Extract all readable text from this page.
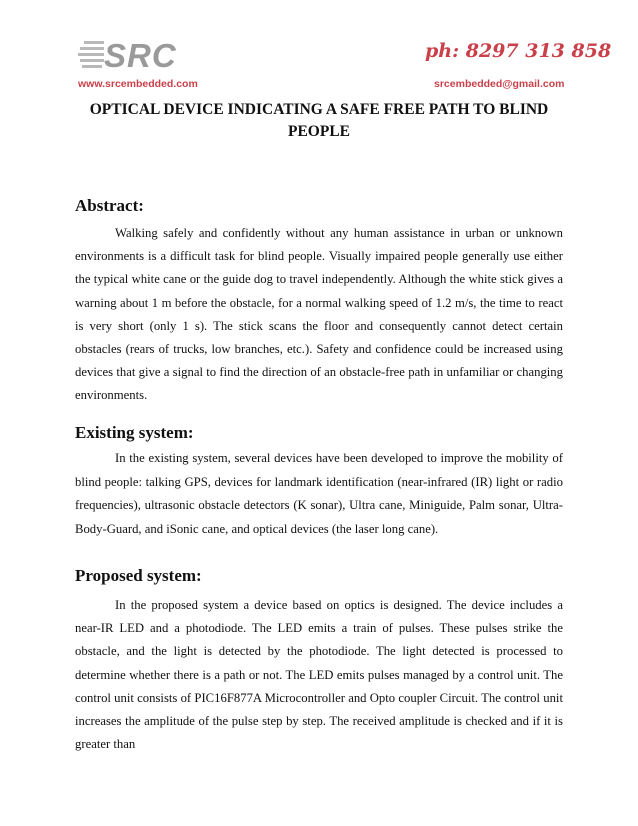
SRC
www.srcembedded.com
ph: 8297 313 858
srcembedded@gmail.com
OPTICAL DEVICE INDICATING A SAFE FREE PATH TO BLIND PEOPLE
Abstract:

Walking safely and confidently without any human assistance in urban or unknown environments is a difficult task for blind people. Visually impaired people generally use either the typical white cane or the guide dog to travel independently. Although the white stick gives a warning about 1 m before the obstacle, for a normal walking speed of 1.2 m/s, the time to react is very short (only 1 s). The stick scans the floor and consequently cannot detect certain obstacles (rears of trucks, low branches, etc.). Safety and confidence could be increased using devices that give a signal to find the direction of an obstacle-free path in unfamiliar or changing environments.

Existing system:

In the existing system, several devices have been developed to improve the mobility of blind people: talking GPS, devices for landmark identification (near-infrared (IR) light or radio frequencies), ultrasonic obstacle detectors (K sonar), Ultra cane, Miniguide, Palm sonar, Ultra-Body-Guard, and iSonic cane, and optical devices (the laser long cane).

Proposed system:

In the proposed system a device based on optics is designed. The device includes a near-IR LED and a photodiode. The LED emits a train of pulses. These pulses strike the obstacle, and the light is detected by the photodiode. The light detected is processed to determine whether there is a path or not. The LED emits pulses managed by a control unit. The control unit consists of PIC16F877A Microcontroller and Opto coupler Circuit. The control unit increases the amplitude of the pulse step by step. The received amplitude is checked and if it is greater than
